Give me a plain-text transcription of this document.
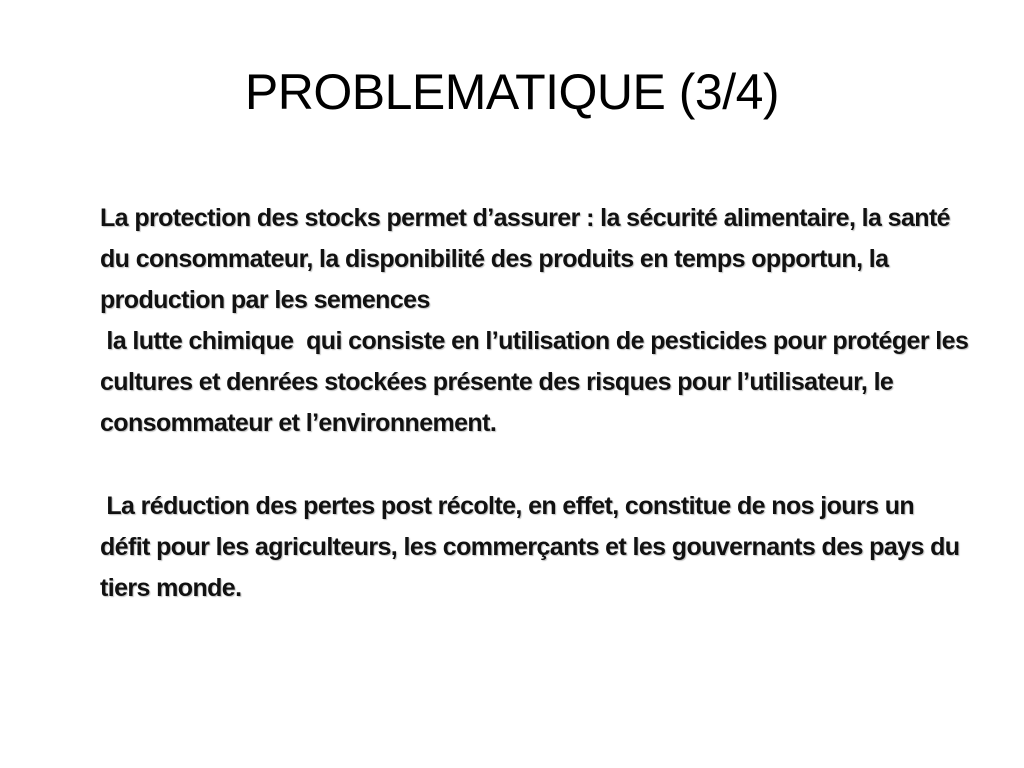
PROBLEMATIQUE (3/4)

La protection des stocks permet d’assurer : la sécurité alimentaire, la santé du consommateur, la disponibilité des produits en temps opportun, la production par les semences

la lutte chimique  qui consiste en l’utilisation de pesticides pour protéger les cultures et denrées stockées présente des risques pour l’utilisateur, le consommateur et l’environnement.

La réduction des pertes post récolte, en effet, constitue de nos jours un défit pour les agriculteurs, les commerçants et les gouvernants des pays du tiers monde.
